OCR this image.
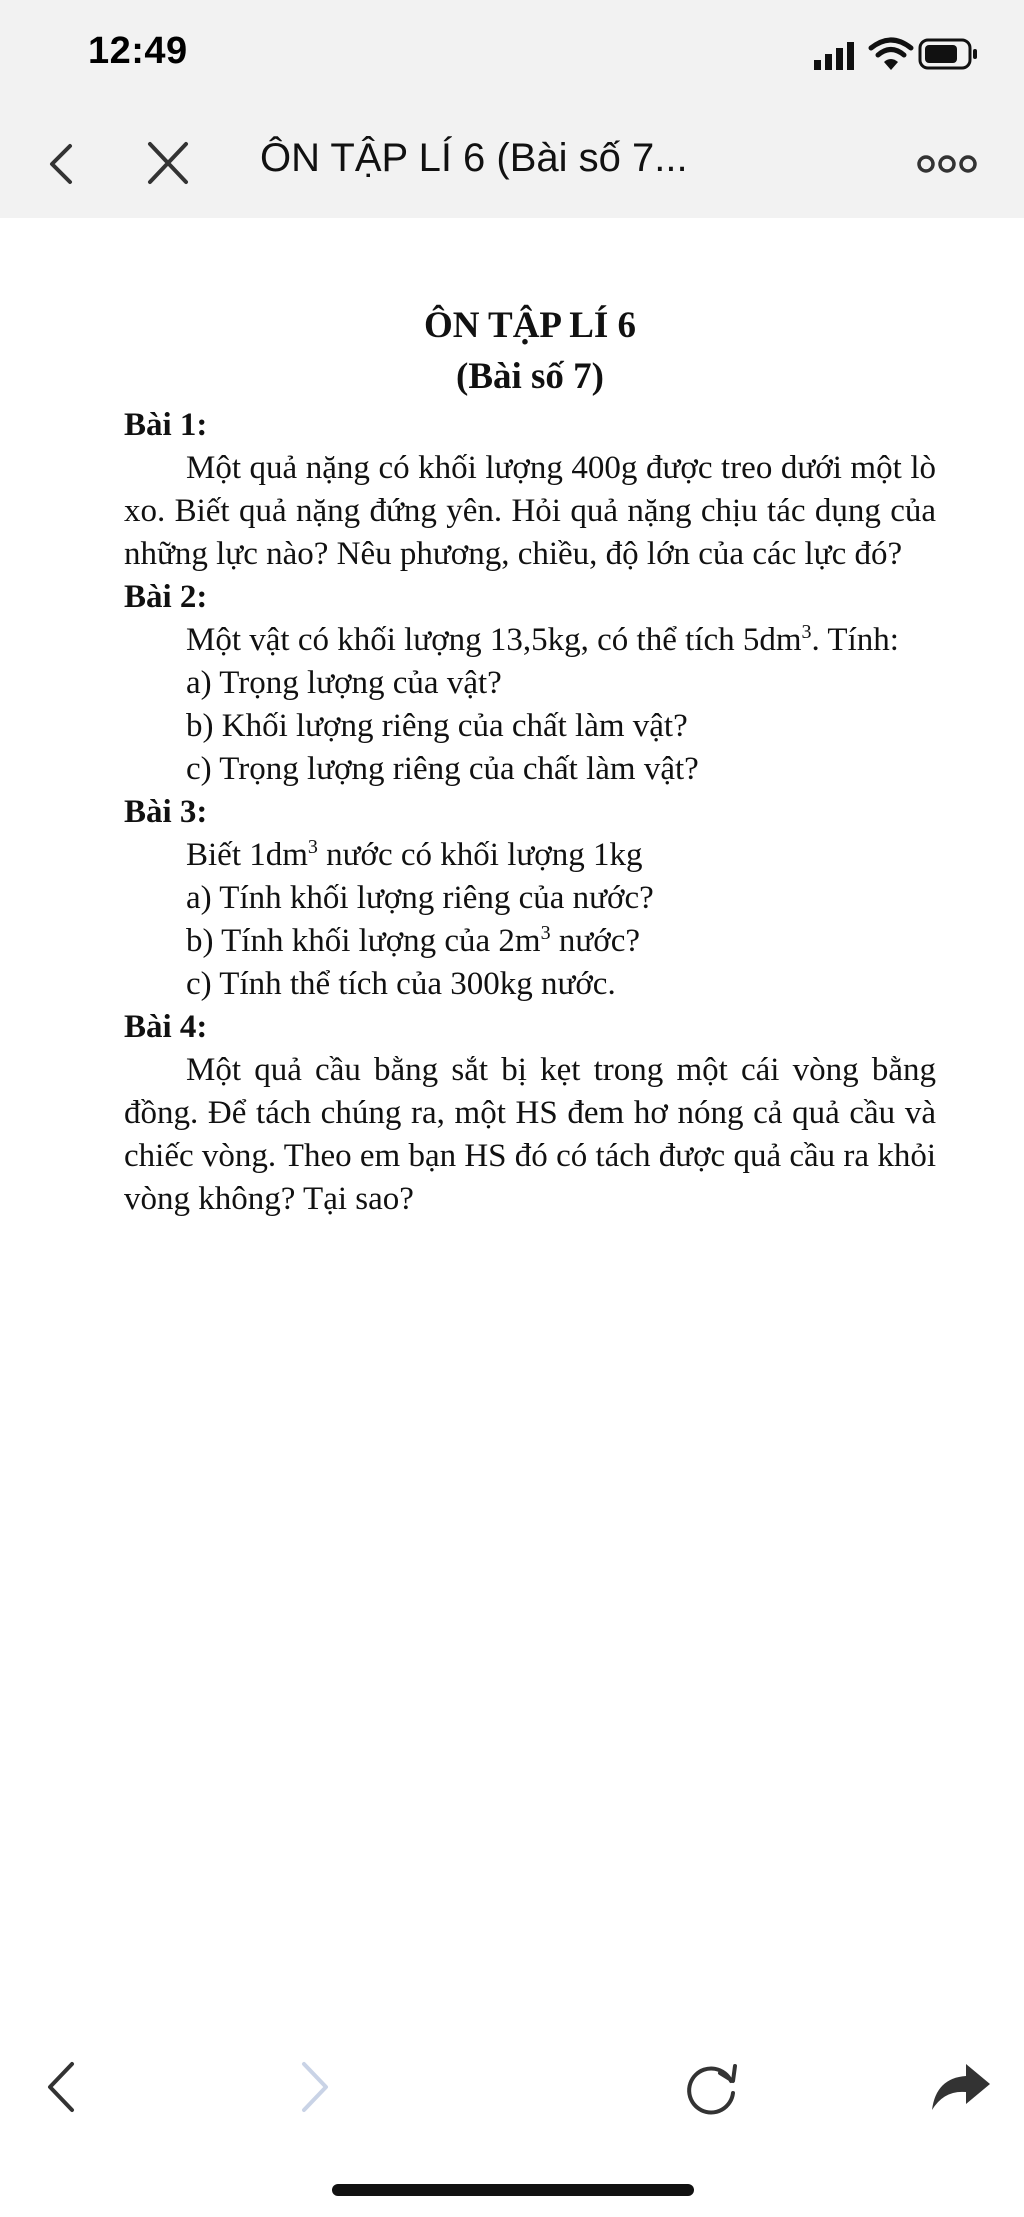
12:49
ÔN TẬP LÍ 6 (Bài số 7...
ÔN TẬP LÍ 6
(Bài số 7)
Bài 1:
Một quả nặng có khối lượng 400g được treo dưới một lò xo. Biết quả nặng đứng yên. Hỏi quả nặng chịu tác dụng của những lực nào? Nêu phương, chiều, độ lớn của các lực đó?
Bài 2:
Một vật có khối lượng 13,5kg, có thể tích $5dm^3$. Tính:
a) Trọng lượng của vật?
b) Khối lượng riêng của chất làm vật?
c) Trọng lượng riêng của chất làm vật?
Bài 3:
Biết $1dm^3$ nước có khối lượng 1kg
a) Tính khối lượng riêng của nước?
b) Tính khối lượng của $2m^3$ nước?
c) Tính thể tích của 300kg nước.
Bài 4:
Một quả cầu bằng sắt bị kẹt trong một cái vòng bằng đồng. Để tách chúng ra, một HS đem hơ nóng cả quả cầu và chiếc vòng. Theo em bạn HS đó có tách được quả cầu ra khỏi vòng không? Tại sao?
